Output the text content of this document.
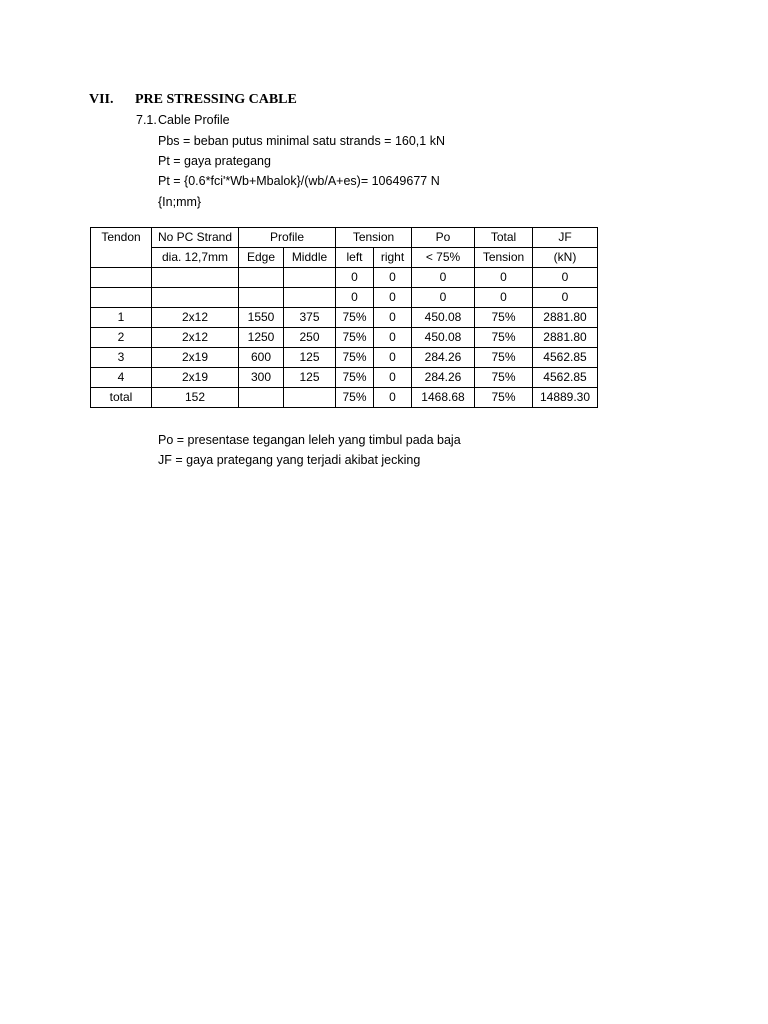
VII. PRE STRESSING CABLE

7.1.Cable Profile

Pbs = beban putus minimal satu strands = 160,1 kN

Pt = gaya prategang

Pt = {0.6*fci'*Wb+Mbalok}/(wb/A+es)= 10649677 N

{In;mm}

Tendon	No PC Strand	Profile		Tension		Po	Total	JF
	dia. 12,7mm	Edge	Middle	left	right	< 75%	Tension	(kN)
				0	0	0	0	0
				0	0	0	0	0
1	2x12	1550	375	75%	0	450.08	75%	2881.80
2	2x12	1250	250	75%	0	450.08	75%	2881.80
3	2x19	600	125	75%	0	284.26	75%	4562.85
4	2x19	300	125	75%	0	284.26	75%	4562.85
total	152			75%	0	1468.68	75%	14889.30

Po = presentase tegangan leleh yang timbul pada baja

JF = gaya prategang yang terjadi akibat jecking
